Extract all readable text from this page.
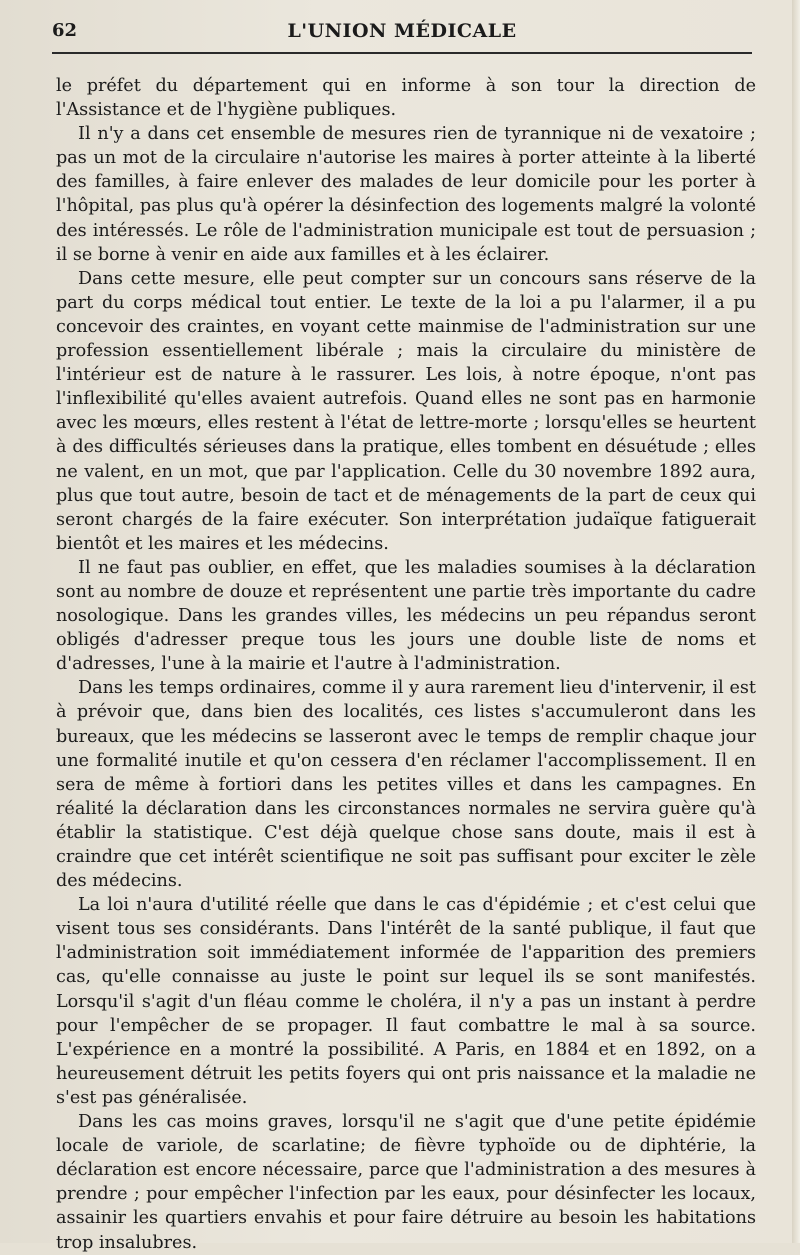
62	L'UNION MÉDICALE

le préfet du département qui en informe à son tour la direction de l'Assistance et de l'hygiène publiques.

Il n'y a dans cet ensemble de mesures rien de tyrannique ni de vexatoire ; pas un mot de la circulaire n'autorise les maires à porter atteinte à la liberté des familles, à faire enlever des malades de leur domicile pour les porter à l'hôpital, pas plus qu'à opérer la désinfection des logements malgré la volonté des intéressés. Le rôle de l'administration municipale est tout de persuasion ; il se borne à venir en aide aux familles et à les éclairer.

Dans cette mesure, elle peut compter sur un concours sans réserve de la part du corps médical tout entier. Le texte de la loi a pu l'alarmer, il a pu concevoir des craintes, en voyant cette mainmise de l'administration sur une profession essentiellement libérale ; mais la circulaire du ministère de l'intérieur est de nature à le rassurer. Les lois, à notre époque, n'ont pas l'inflexibilité qu'elles avaient autrefois. Quand elles ne sont pas en harmonie avec les mœurs, elles restent à l'état de lettre-morte ; lorsqu'elles se heurtent à des difficultés sérieuses dans la pratique, elles tombent en désuétude ; elles ne valent, en un mot, que par l'application. Celle du 30 novembre 1892 aura, plus que tout autre, besoin de tact et de ménagements de la part de ceux qui seront chargés de la faire exécuter. Son interprétation judaïque fatiguerait bientôt et les maires et les médecins.

Il ne faut pas oublier, en effet, que les maladies soumises à la déclaration sont au nombre de douze et représentent une partie très importante du cadre nosologique. Dans les grandes villes, les médecins un peu répandus seront obligés d'adresser preque tous les jours une double liste de noms et d'adresses, l'une à la mairie et l'autre à l'administration.

Dans les temps ordinaires, comme il y aura rarement lieu d'intervenir, il est à prévoir que, dans bien des localités, ces listes s'accumuleront dans les bureaux, que les médecins se lasseront avec le temps de remplir chaque jour une formalité inutile et qu'on cessera d'en réclamer l'accomplissement. Il en sera de même à fortiori dans les petites villes et dans les campagnes. En réalité la déclaration dans les circonstances normales ne servira guère qu'à établir la statistique. C'est déjà quelque chose sans doute, mais il est à craindre que cet intérêt scientifique ne soit pas suffisant pour exciter le zèle des médecins.

La loi n'aura d'utilité réelle que dans le cas d'épidémie ; et c'est celui que visent tous ses considérants. Dans l'intérêt de la santé publique, il faut que l'administration soit immédiatement informée de l'apparition des premiers cas, qu'elle connaisse au juste le point sur lequel ils se sont manifestés. Lorsqu'il s'agit d'un fléau comme le choléra, il n'y a pas un instant à perdre pour l'empêcher de se propager. Il faut combattre le mal à sa source. L'expérience en a montré la possibilité. A Paris, en 1884 et en 1892, on a heureusement détruit les petits foyers qui ont pris naissance et la maladie ne s'est pas généralisée.

Dans les cas moins graves, lorsqu'il ne s'agit que d'une petite épidémie locale de variole, de scarlatine; de fièvre typhoïde ou de diphtérie, la déclaration est encore nécessaire, parce que l'administration a des mesures à prendre ; pour empêcher l'infection par les eaux, pour désinfecter les locaux, assainir les quartiers envahis et pour faire détruire au besoin les habitations trop insalubres.
